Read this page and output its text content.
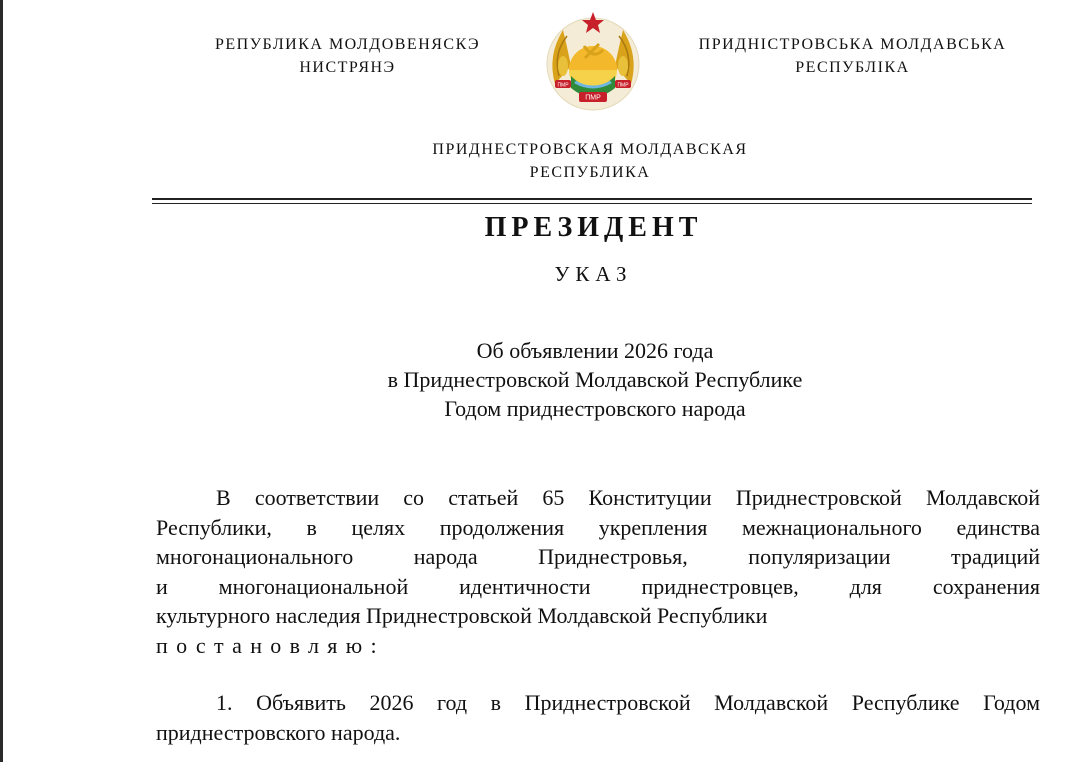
РЕПУБЛИКА МОЛДОВЕНЯСКЭ
НИСТРЯНЭ
ПМР	ПМР
ПМР
ПРИДНІСТРОВСЬКА МОЛДАВСЬКА
РЕСПУБЛІКА
ПРИДНЕСТРОВСКАЯ МОЛДАВСКАЯ
РЕСПУБЛИКА
ПРЕЗИДЕНТ
УКАЗ
Об объявлении 2026 года
в Приднестровской Молдавской Республике
Годом приднестровского народа
В соответствии со статьей 65 Конституции Приднестровской Молдавской
Республики, в целях продолжения укрепления межнационального единства
многонационального народа Приднестровья, популяризации традиций
и многонациональной идентичности приднестровцев, для сохранения
культурного наследия Приднестровской Молдавской Республики
постановляю:
1. Объявить 2026 год в Приднестровской Молдавской Республике Годом
приднестровского народа.
